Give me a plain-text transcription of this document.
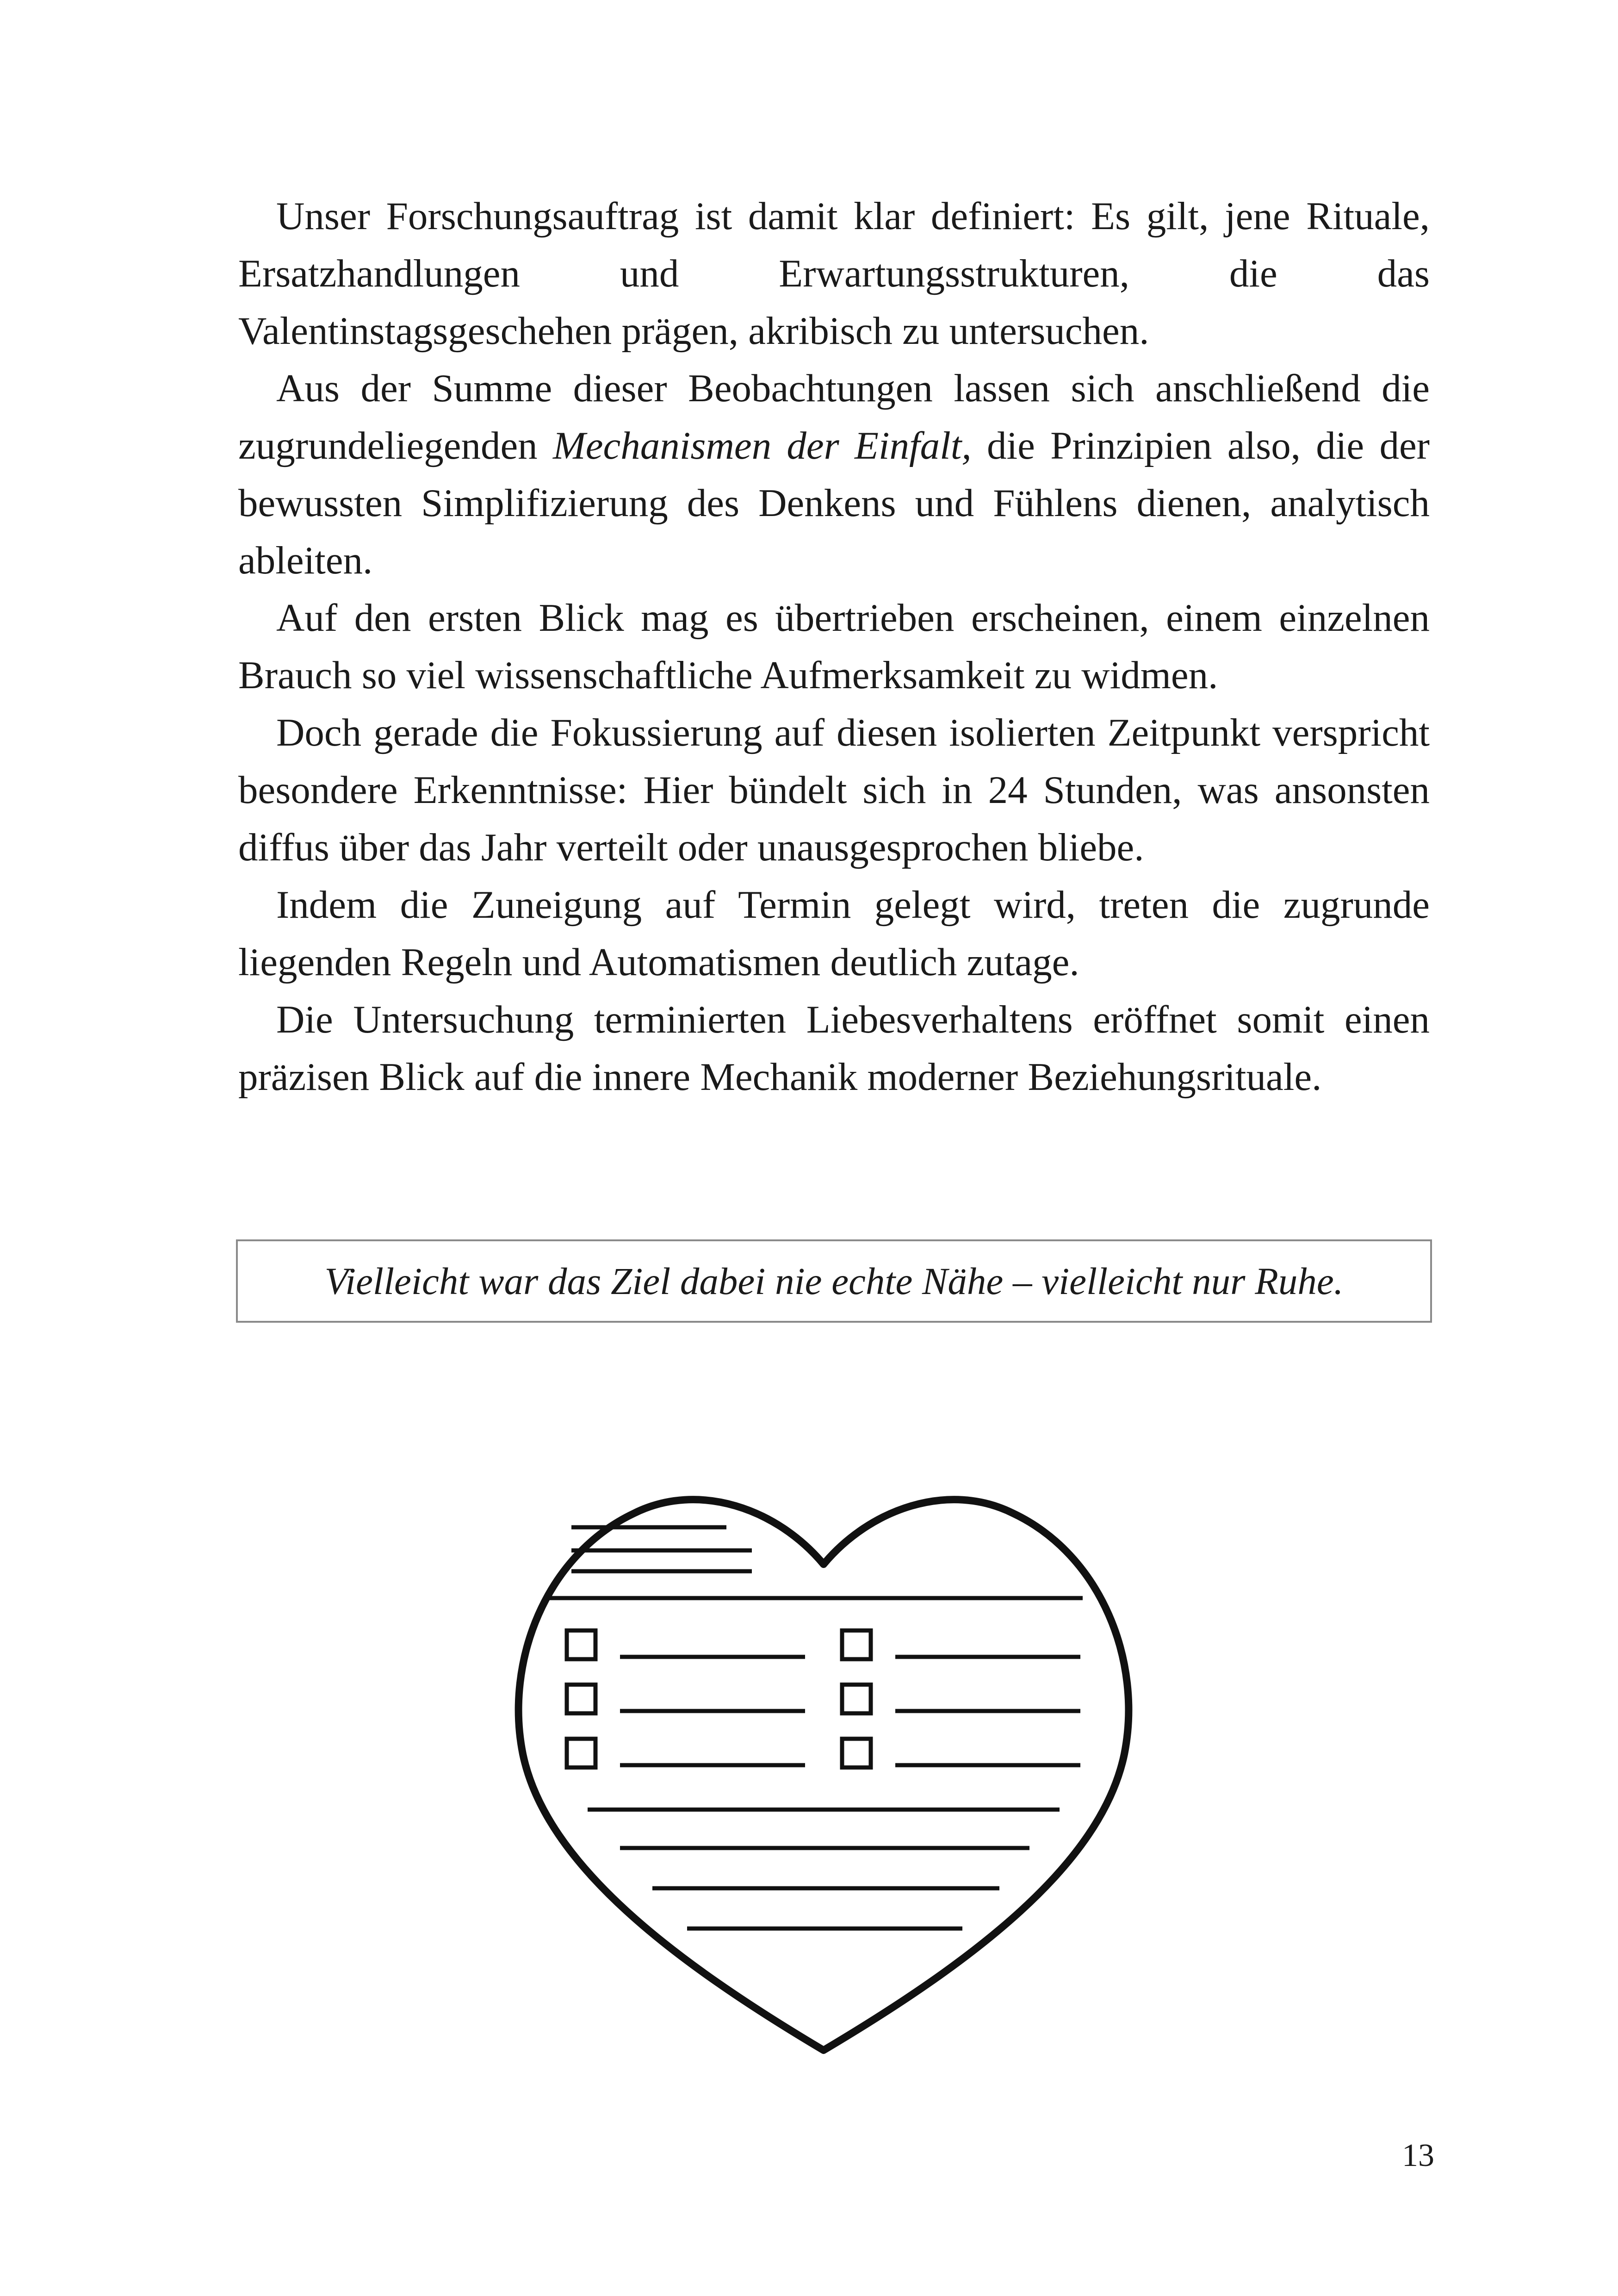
Unser Forschungsauftrag ist damit klar definiert: Es gilt, jene Rituale, Ersatzhandlungen und Erwartungsstrukturen, die das Valentinstagsgeschehen prägen, akribisch zu untersuchen.

Aus der Summe dieser Beobachtungen lassen sich anschließend die zugrundeliegenden Mechanismen der Einfalt, die Prinzipien also, die der bewussten Simplifizierung des Denkens und Fühlens dienen, analytisch ableiten.

Auf den ersten Blick mag es übertrieben erscheinen, einem einzelnen Brauch so viel wissenschaftliche Aufmerksamkeit zu widmen.

Doch gerade die Fokussierung auf diesen isolierten Zeitpunkt verspricht besondere Erkenntnisse: Hier bündelt sich in 24 Stunden, was ansonsten diffus über das Jahr verteilt oder unausgesprochen bliebe.

Indem die Zuneigung auf Termin gelegt wird, treten die zugrunde liegenden Regeln und Automatismen deutlich zutage.

Die Untersuchung terminierten Liebesverhaltens eröffnet somit einen präzisen Blick auf die innere Mechanik moderner Beziehungsrituale.

Vielleicht war das Ziel dabei nie echte Nähe – vielleicht nur Ruhe.
13
